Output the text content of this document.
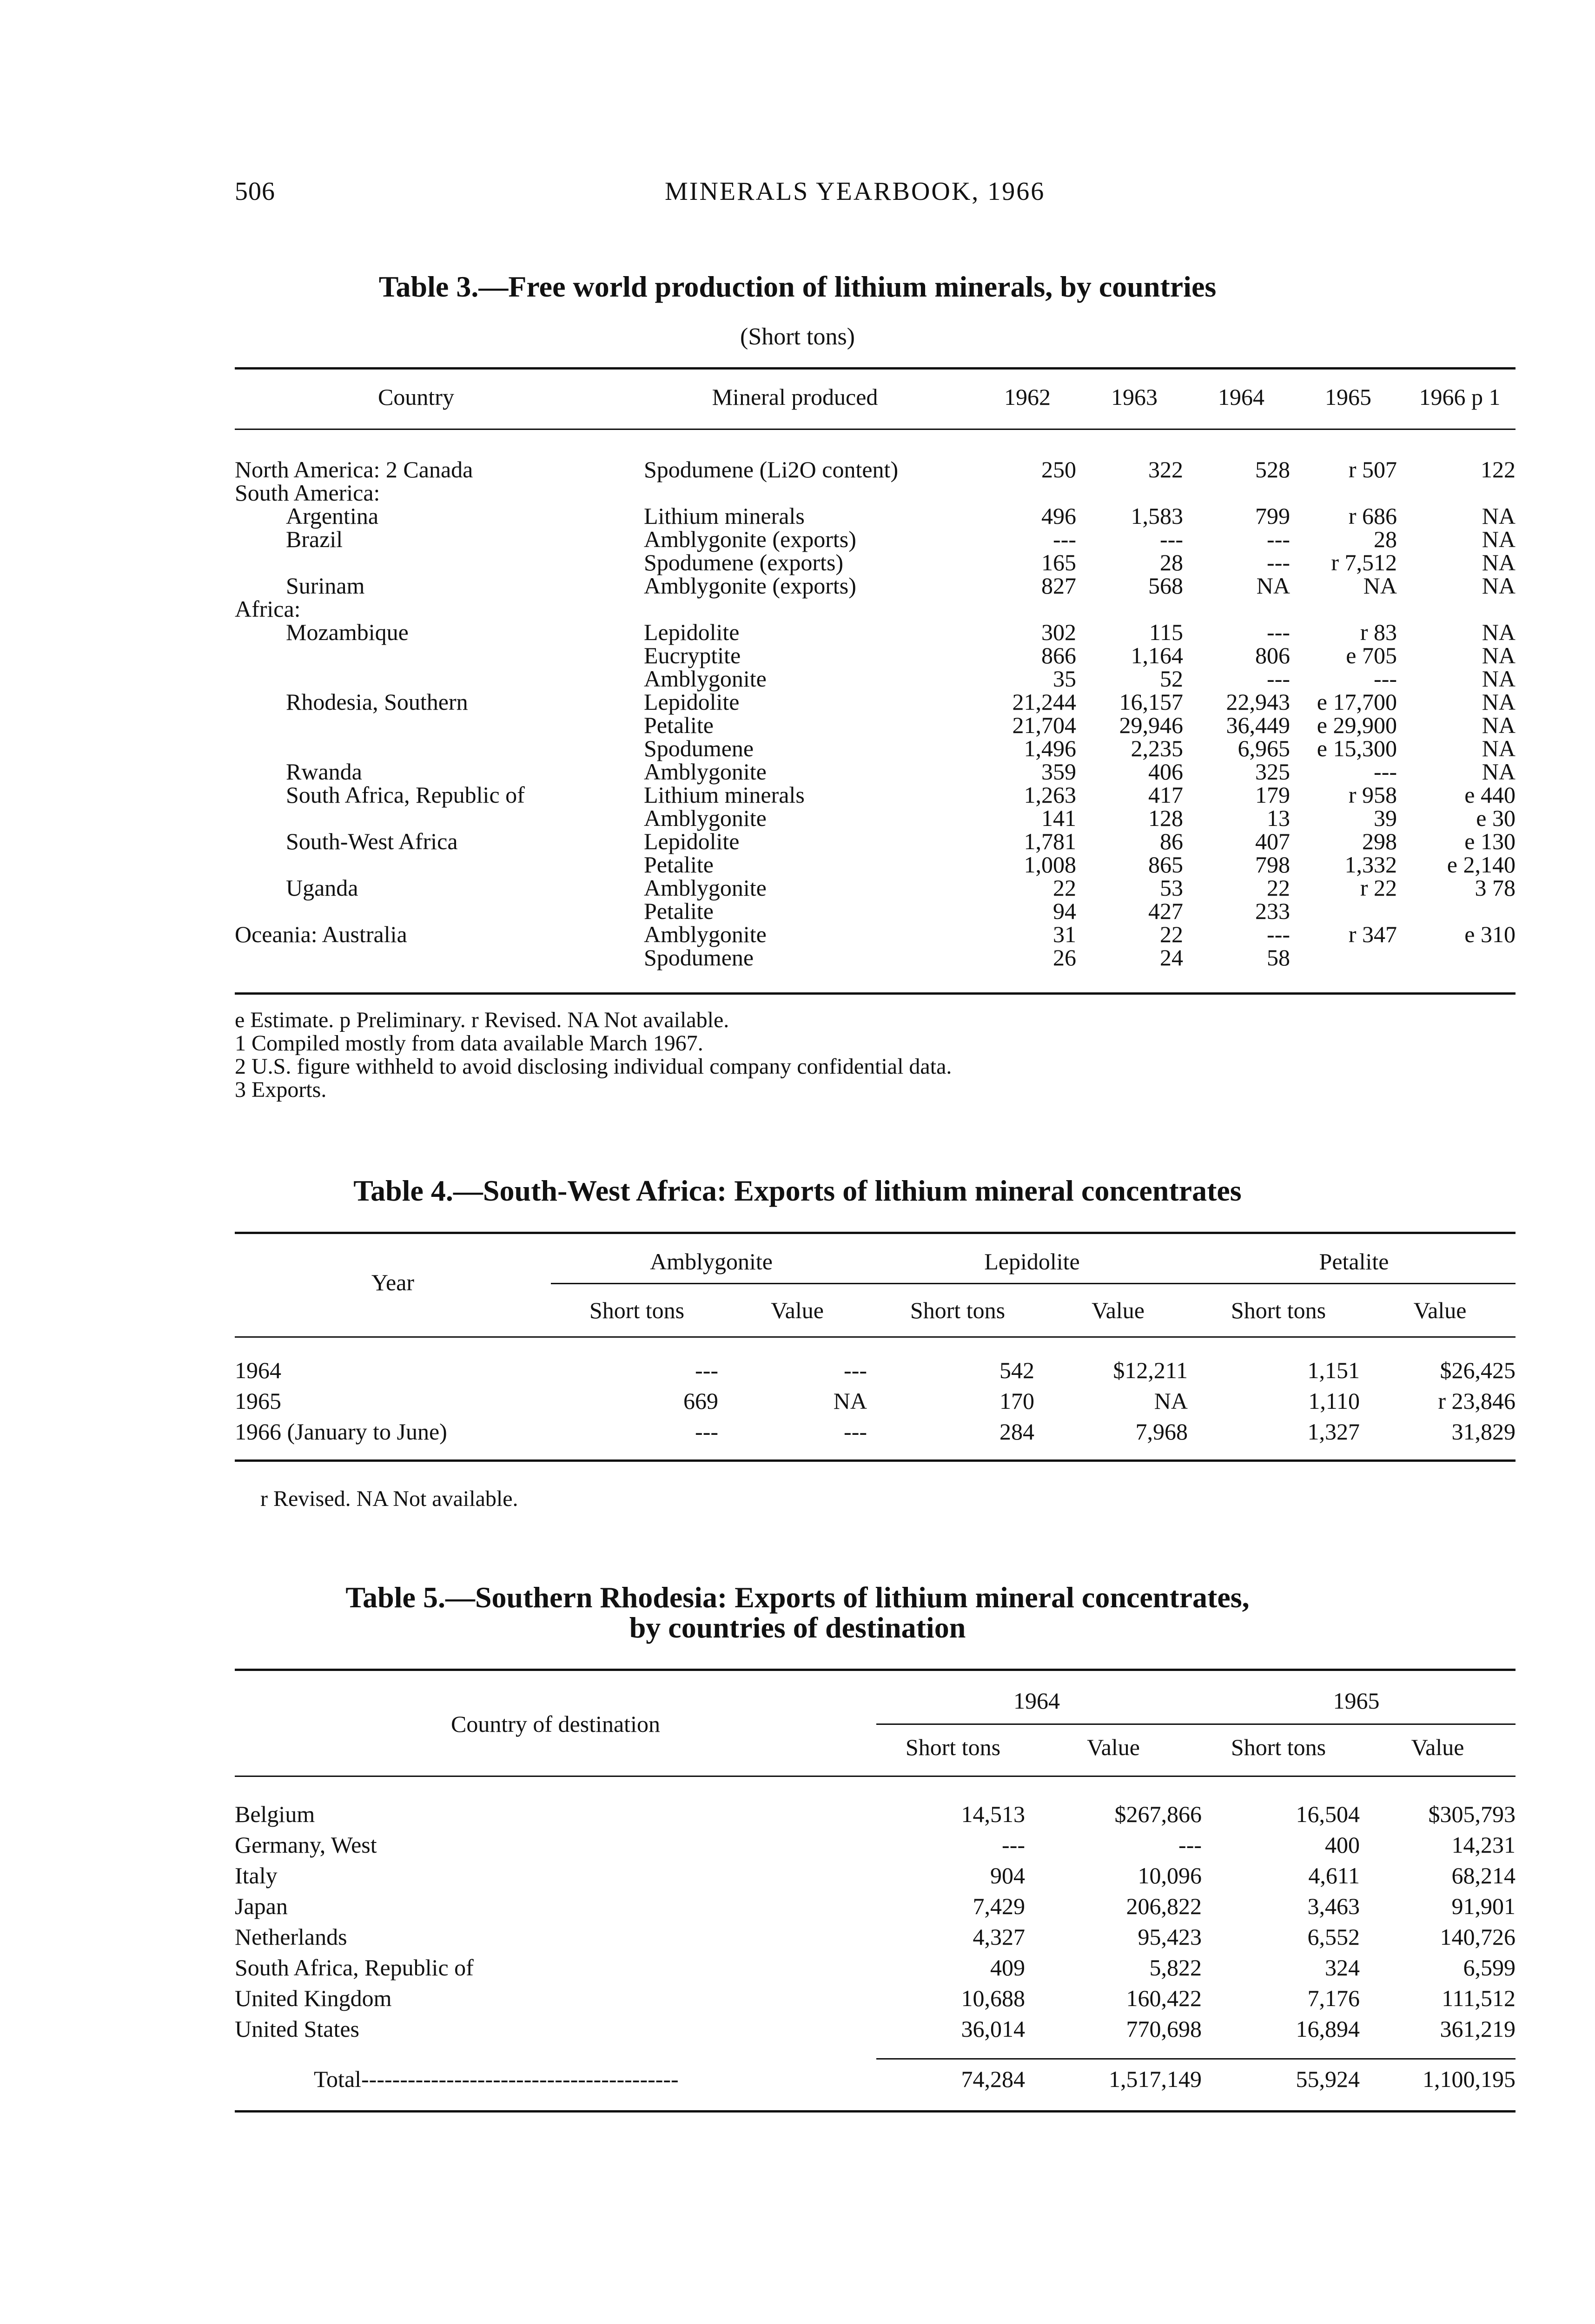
506	MINERALS YEARBOOK, 1966
Table 3.—Free world production of lithium minerals, by countries
(Short tons)
Country	Mineral produced	1962	1963	1964	1965	1966 p 1
North America: 2 Canada	Spodumene (Li2O content)	250	322	528	r 507	122
South America:						
Argentina	Lithium minerals	496	1,583	799	r 686	NA
Brazil	Amblygonite (exports)	---	---	---	28	NA
	Spodumene (exports)	165	28	---	r 7,512	NA
Surinam	Amblygonite (exports)	827	568	NA	NA	NA
Africa:						
Mozambique	Lepidolite	302	115	---	r 83	NA
	Eucryptite	866	1,164	806	e 705	NA
	Amblygonite	35	52	---	---	NA
Rhodesia, Southern	Lepidolite	21,244	16,157	22,943	e 17,700	NA
	Petalite	21,704	29,946	36,449	e 29,900	NA
	Spodumene	1,496	2,235	6,965	e 15,300	NA
Rwanda	Amblygonite	359	406	325	---	NA
South Africa, Republic of	Lithium minerals	1,263	417	179	r 958	e 440
	Amblygonite	141	128	13	39	e 30
South-West Africa	Lepidolite	1,781	86	407	298	e 130
	Petalite	1,008	865	798	1,332	e 2,140
Uganda	Amblygonite	22	53	22	r 22	3 78
	Petalite	94	427	233		
Oceania: Australia	Amblygonite	31	22	---	r 347	e 310
	Spodumene	26	24	58		
e Estimate. p Preliminary. r Revised. NA Not available.
1 Compiled mostly from data available March 1967.
2 U.S. figure withheld to avoid disclosing individual company confidential data.
3 Exports.
Table 4.—South-West Africa: Exports of lithium mineral concentrates
Year
Amblygonite	Lepidolite	Petalite
Short tons	Value	Short tons	Value	Short tons	Value
1964	---	---	542	$12,211	1,151	$26,425
1965	669	NA	170	NA	1,110	r 23,846
1966 (January to June)	---	---	284	7,968	1,327	31,829
r Revised. NA Not available.
Table 5.—Southern Rhodesia: Exports of lithium mineral concentrates,
by countries of destination
Country of destination
1964	1965
Short tons	Value	Short tons	Value
Belgium	14,513	$267,866	16,504	$305,793
Germany, West	---	---	400	14,231
Italy	904	10,096	4,611	68,214
Japan	7,429	206,822	3,463	91,901
Netherlands	4,327	95,423	6,552	140,726
South Africa, Republic of	409	5,822	324	6,599
United Kingdom	10,688	160,422	7,176	111,512
United States	36,014	770,698	16,894	361,219
Total-----------------------------------------	74,284	1,517,149	55,924	1,100,195
